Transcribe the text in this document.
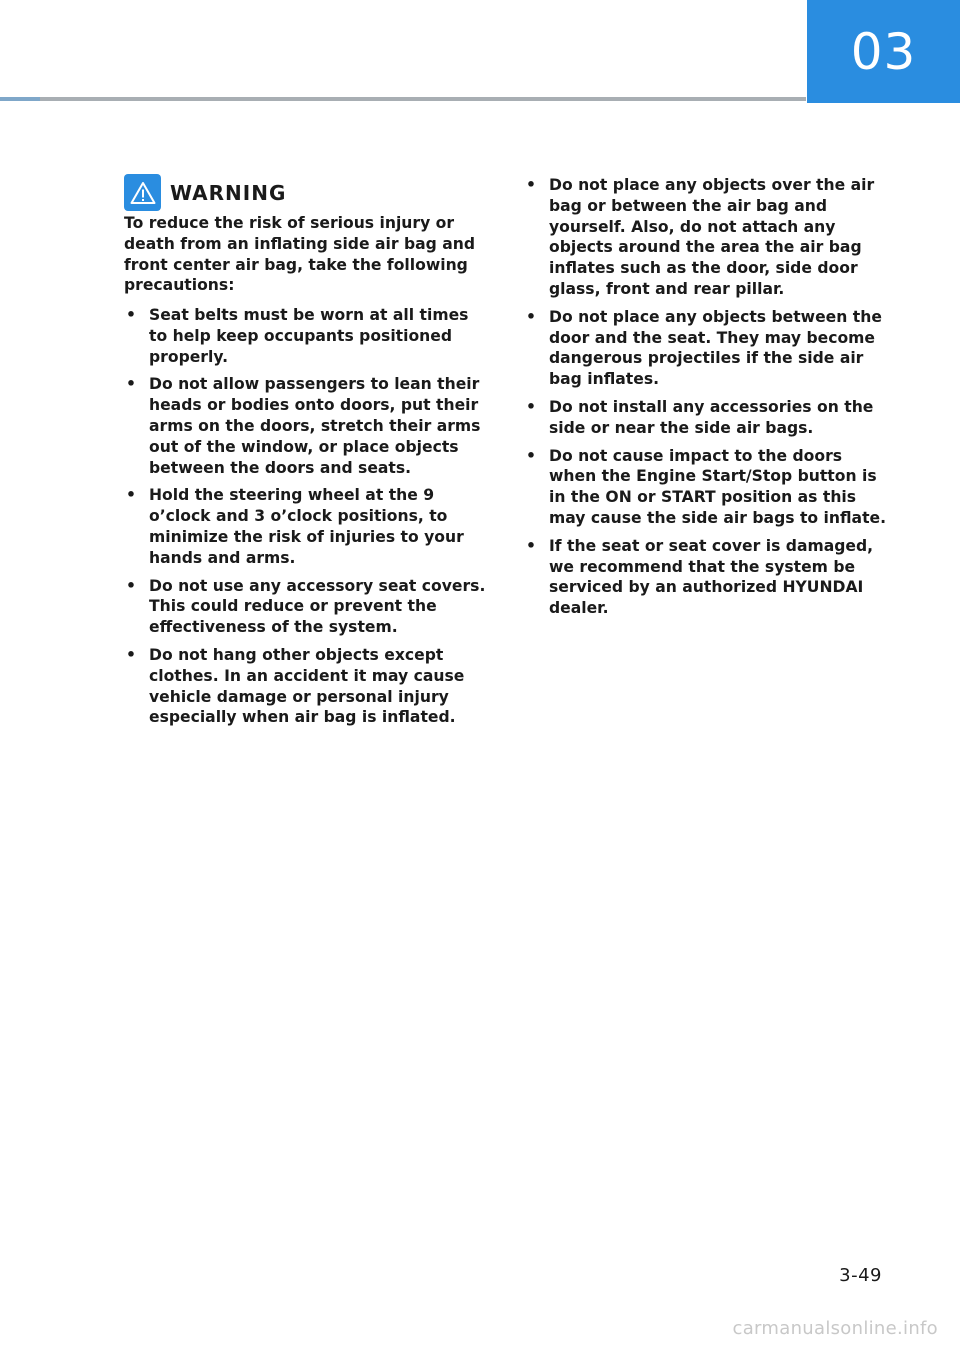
03
WARNING

To reduce the risk of serious injury or death from an inflating side air bag and front center air bag, take the following precautions:

• Seat belts must be worn at all times to help keep occupants positioned properly.
• Do not allow passengers to lean their heads or bodies onto doors, put their arms on the doors, stretch their arms out of the window, or place objects between the doors and seats.
• Hold the steering wheel at the 9 o’clock and 3 o’clock positions, to minimize the risk of injuries to your hands and arms.
• Do not use any accessory seat covers. This could reduce or prevent the effectiveness of the system.
• Do not hang other objects except clothes. In an accident it may cause vehicle damage or personal injury especially when air bag is inflated.
• Do not place any objects over the air bag or between the air bag and yourself. Also, do not attach any objects around the area the air bag inflates such as the door, side door glass, front and rear pillar.
• Do not place any objects between the door and the seat. They may become dangerous projectiles if the side air bag inflates.
• Do not install any accessories on the side or near the side air bags.
• Do not cause impact to the doors when the Engine Start/Stop button is in the ON or START position as this may cause the side air bags to inflate.
• If the seat or seat cover is damaged, we recommend that the system be serviced by an authorized HYUNDAI dealer.
3-49
carmanualsonline.info
